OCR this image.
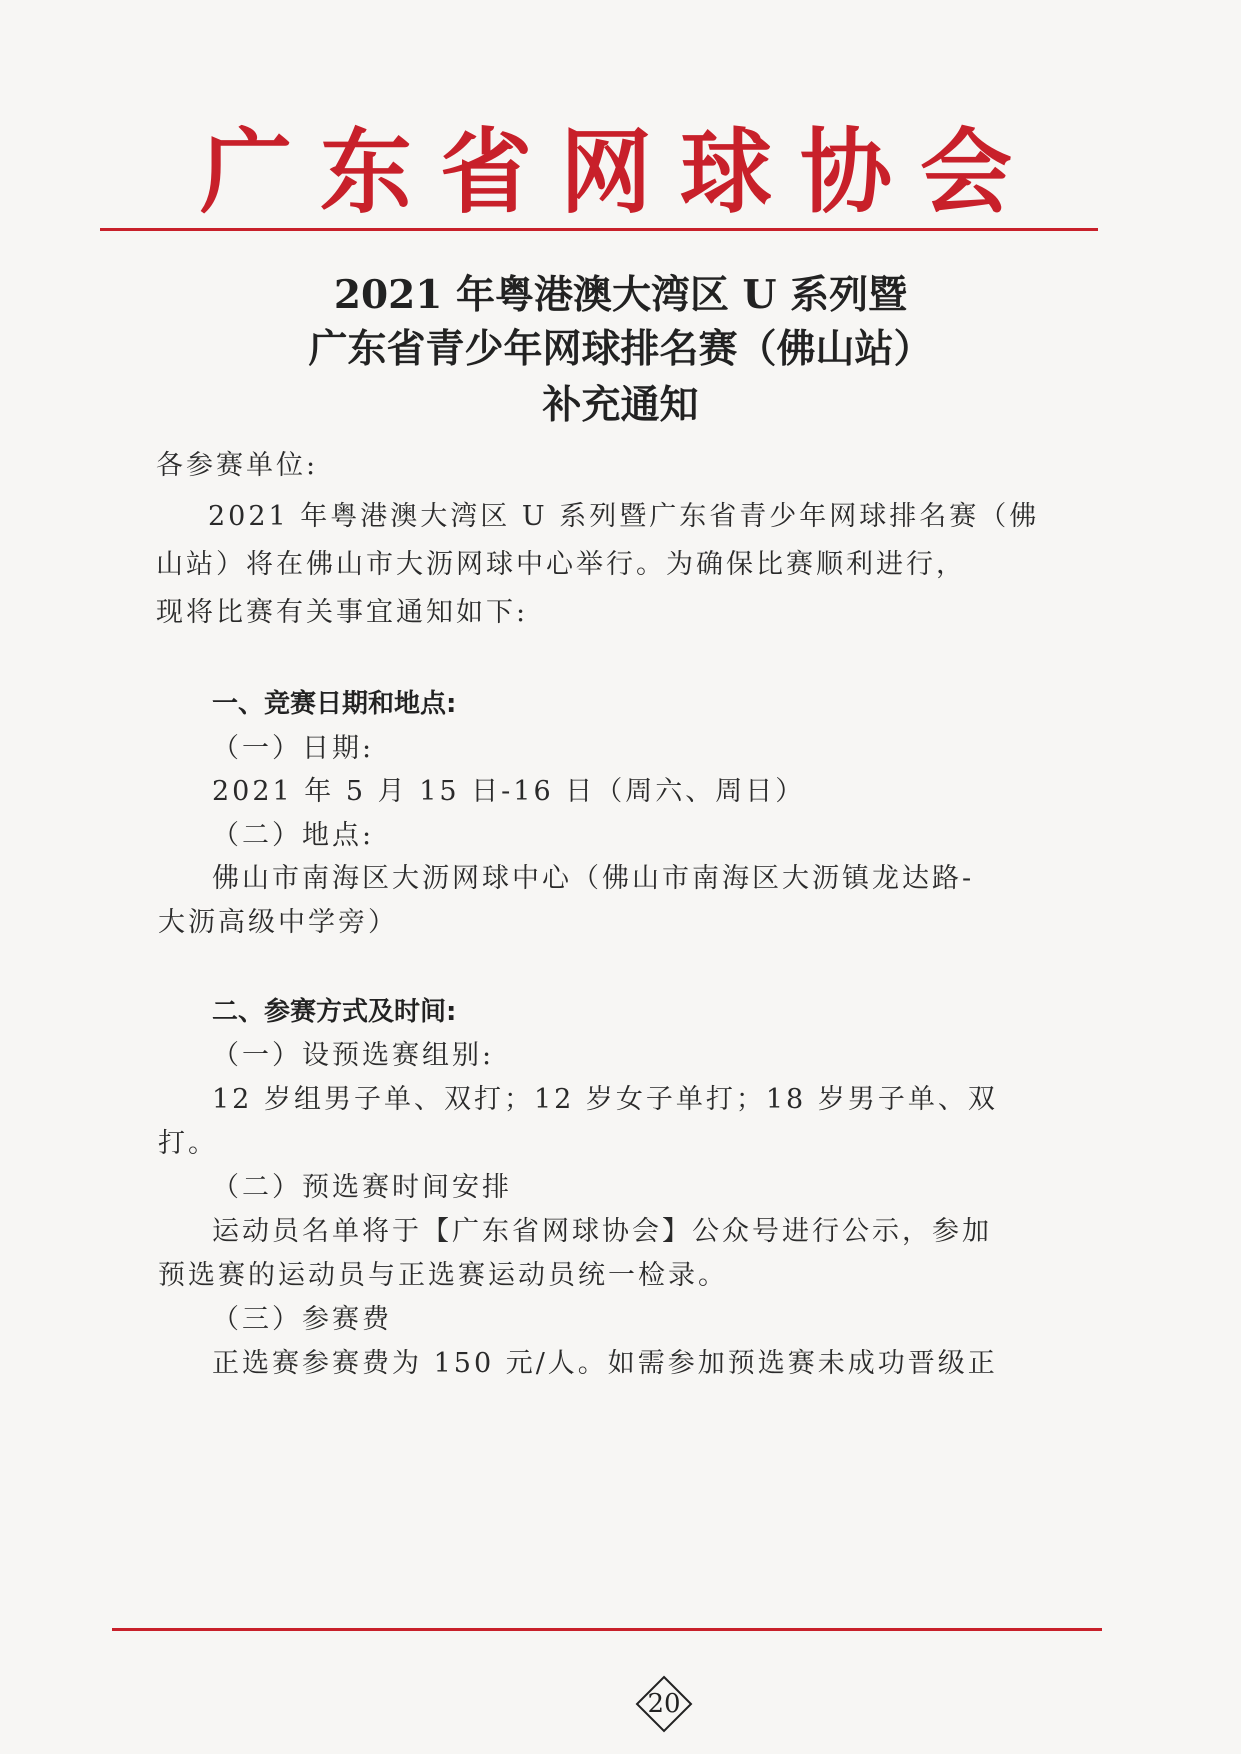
广东省网球协会
2021 年粤港澳大湾区 U 系列暨
广东省青少年网球排名赛（佛山站）
补充通知
各参赛单位:
2021 年粤港澳大湾区 U 系列暨广东省青少年网球排名赛（佛
山站）将在佛山市大沥网球中心举行。为确保比赛顺利进行，
现将比赛有关事宜通知如下:
一、竞赛日期和地点:
（一）日期:
2021 年 5 月 15 日-16 日（周六、周日）
（二）地点:
佛山市南海区大沥网球中心（佛山市南海区大沥镇龙达路-
大沥高级中学旁）
二、参赛方式及时间:
（一）设预选赛组别:
12 岁组男子单、双打；12 岁女子单打；18 岁男子单、双
打。
（二）预选赛时间安排
运动员名单将于【广东省网球协会】公众号进行公示，参加
预选赛的运动员与正选赛运动员统一检录。
（三）参赛费
正选赛参赛费为 150 元/人。如需参加预选赛未成功晋级正
20
